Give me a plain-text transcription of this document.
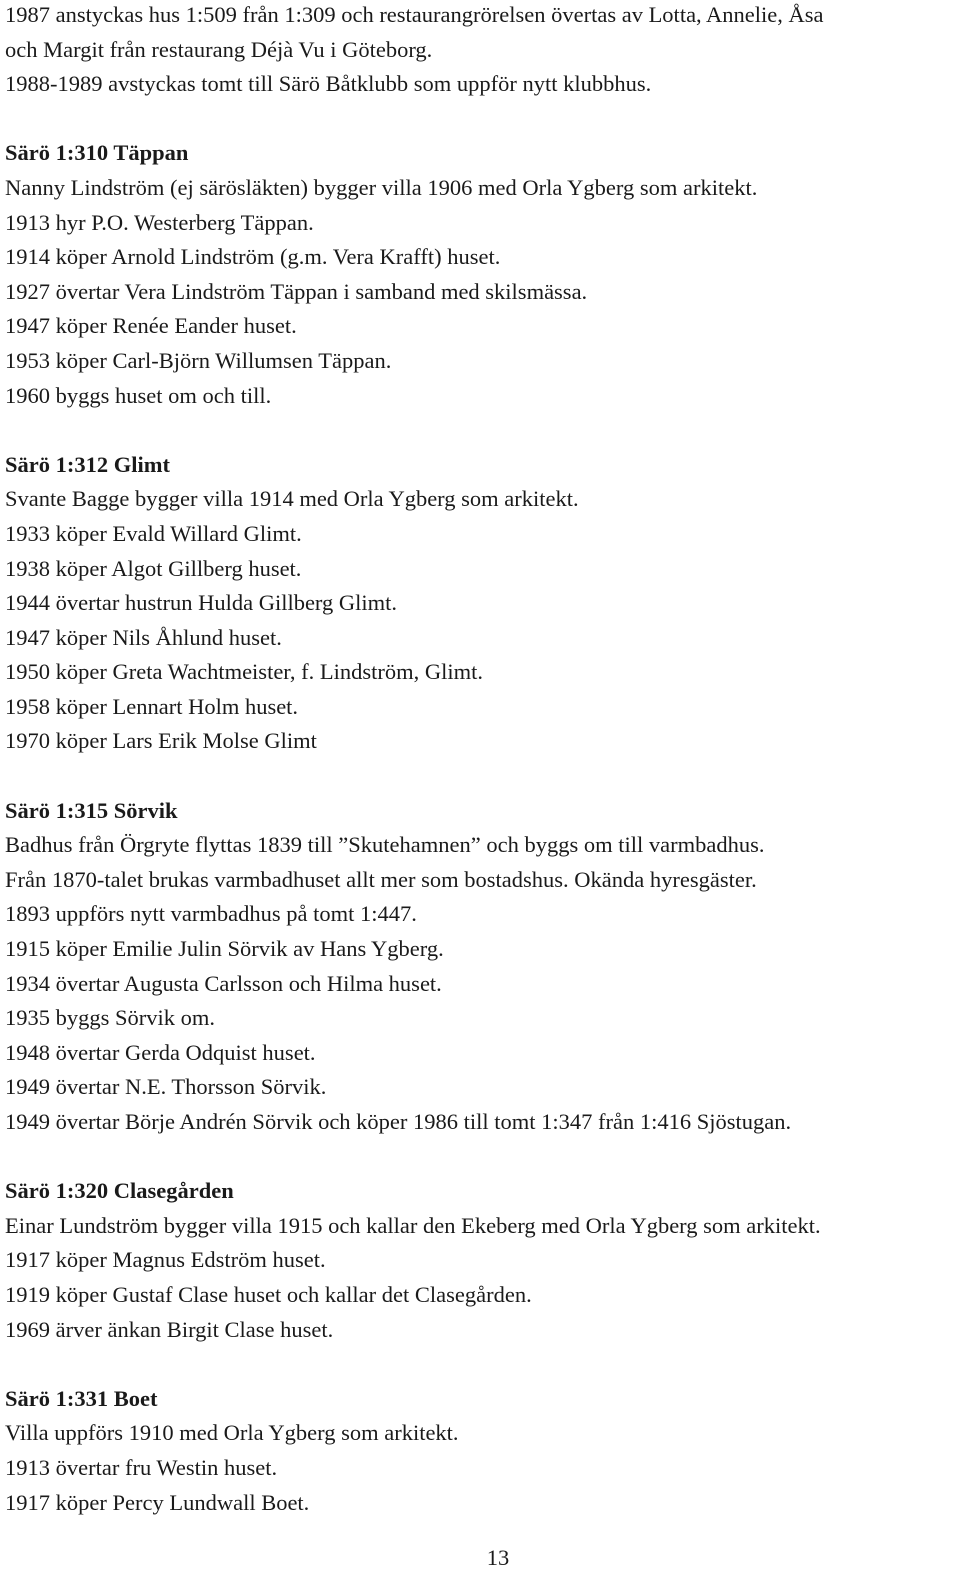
1987 anstyckas hus 1:509 från 1:309 och restaurangrörelsen övertas av Lotta, Annelie, Åsa
och Margit från restaurang Déjà Vu i Göteborg.
1988-1989 avstyckas tomt till Särö Båtklubb som uppför nytt klubbhus.
Särö 1:310 Täppan
Nanny Lindström (ej särösläkten) bygger villa 1906 med Orla Ygberg som arkitekt.
1913 hyr P.O. Westerberg Täppan.
1914 köper Arnold Lindström (g.m. Vera Krafft) huset.
1927 övertar Vera Lindström Täppan i samband med skilsmässa.
1947 köper Renée Eander huset.
1953 köper Carl-Björn Willumsen Täppan.
1960 byggs huset om och till.
Särö 1:312 Glimt
Svante Bagge bygger villa 1914 med Orla Ygberg som arkitekt.
1933 köper Evald Willard Glimt.
1938 köper Algot Gillberg huset.
1944 övertar hustrun Hulda Gillberg Glimt.
1947 köper Nils Åhlund huset.
1950 köper Greta Wachtmeister, f. Lindström, Glimt.
1958 köper Lennart Holm huset.
1970 köper Lars Erik Molse Glimt
Särö 1:315 Sörvik
Badhus från Örgryte flyttas 1839 till ”Skutehamnen” och byggs om till varmbadhus.
Från 1870-talet brukas varmbadhuset allt mer som bostadshus. Okända hyresgäster.
1893 uppförs nytt varmbadhus på tomt 1:447.
1915 köper Emilie Julin Sörvik av Hans Ygberg.
1934 övertar Augusta Carlsson och Hilma huset.
1935 byggs Sörvik om.
1948 övertar Gerda Odquist huset.
1949 övertar N.E. Thorsson Sörvik.
1949 övertar Börje Andrén Sörvik och köper 1986 till tomt 1:347 från 1:416 Sjöstugan.
Särö 1:320 Clasegården
Einar Lundström bygger villa 1915 och kallar den Ekeberg med Orla Ygberg som arkitekt.
1917 köper Magnus Edström huset.
1919 köper Gustaf Clase huset och kallar det Clasegården.
1969 ärver änkan Birgit Clase huset.
Särö 1:331 Boet
Villa uppförs 1910 med Orla Ygberg som arkitekt.
1913 övertar fru Westin huset.
1917 köper Percy Lundwall Boet.
13
